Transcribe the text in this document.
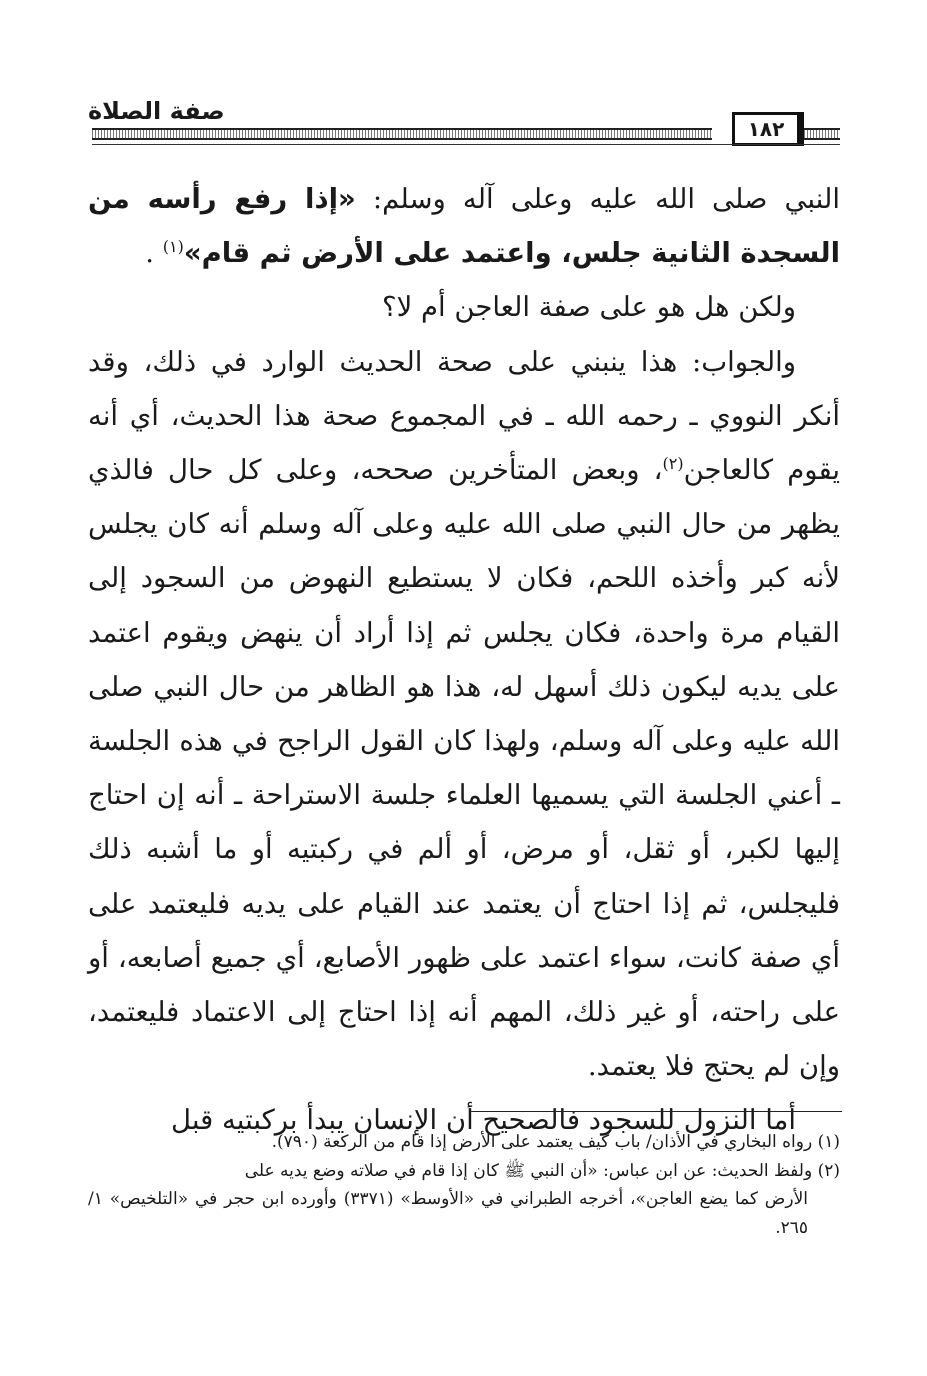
صفة الصلاة
١٨٢

النبي صلى الله عليه وعلى آله وسلم: «إذا رفع رأسه من السجدة الثانية جلس، واعتمد على الأرض ثم قام»$^{(١)}$ .

ولكن هل هو على صفة العاجن أم لا؟

والجواب: هذا ينبني على صحة الحديث الوارد في ذلك، وقد أنكر النووي ـ رحمه الله ـ في المجموع صحة هذا الحديث، أي أنه يقوم كالعاجن$^{(٢)}$، وبعض المتأخرين صححه، وعلى كل حال فالذي يظهر من حال النبي صلى الله عليه وعلى آله وسلم أنه كان يجلس لأنه كبر وأخذه اللحم، فكان لا يستطيع النهوض من السجود إلى القيام مرة واحدة، فكان يجلس ثم إذا أراد أن ينهض ويقوم اعتمد على يديه ليكون ذلك أسهل له، هذا هو الظاهر من حال النبي صلى الله عليه وعلى آله وسلم، ولهذا كان القول الراجح في هذه الجلسة ـ أعني الجلسة التي يسميها العلماء جلسة الاستراحة ـ أنه إن احتاج إليها لكبر، أو ثقل، أو مرض، أو ألم في ركبتيه أو ما أشبه ذلك فليجلس، ثم إذا احتاج أن يعتمد عند القيام على يديه فليعتمد على أي صفة كانت، سواء اعتمد على ظهور الأصابع، أي جميع أصابعه، أو على راحته، أو غير ذلك، المهم أنه إذا احتاج إلى الاعتماد فليعتمد، وإن لم يحتج فلا يعتمد.

أما النزول للسجود فالصحيح أن الإنسان يبدأ بركبتيه قبل

(١) رواه البخاري في الأذان/ باب كيف يعتمد على الأرض إذا قام من الركعة (٧٩٠).

(٢) ولفظ الحديث: عن ابن عباس: «أن النبي ﷺ كان إذا قام في صلاته وضع يديه على

الأرض كما يضع العاجن»، أخرجه الطبراني في «الأوسط» (٣٣٧١) وأورده ابن حجر في «التلخيص» ١/ ٢٦٥.
